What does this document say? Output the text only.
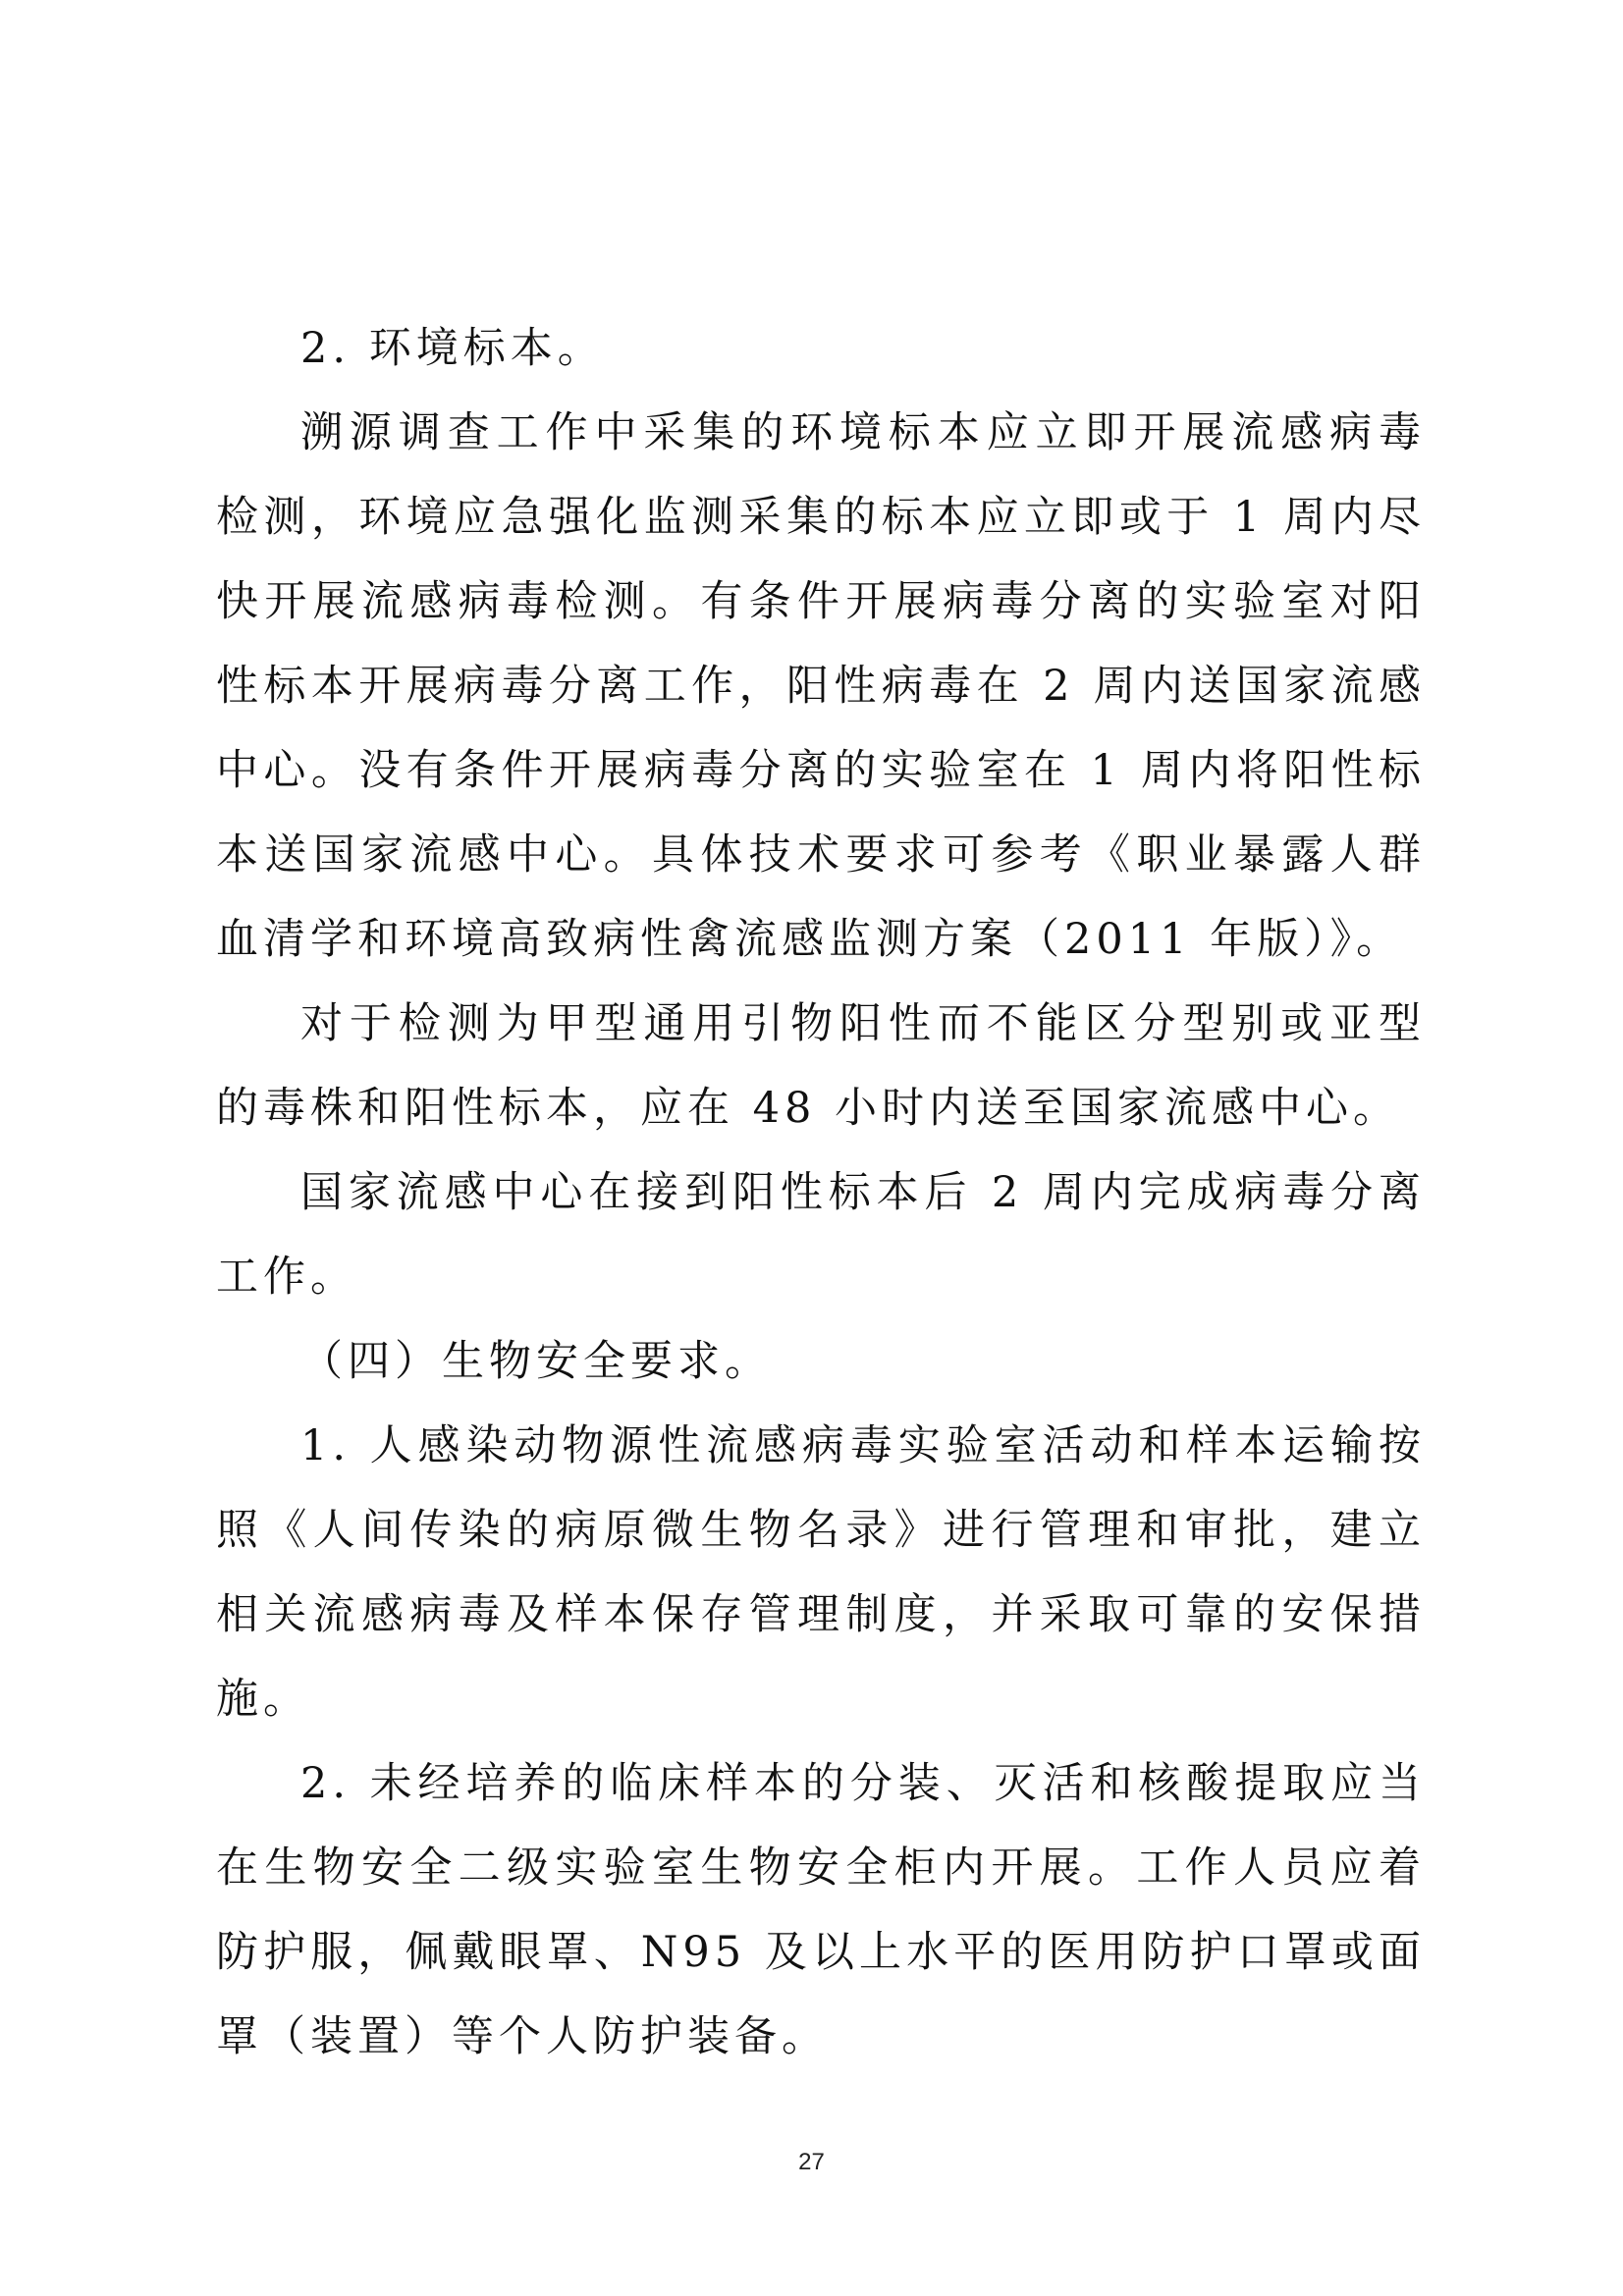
2. 环境标本。

溯源调查工作中采集的环境标本应立即开展流感病毒检测，环境应急强化监测采集的标本应立即或于 1 周内尽快开展流感病毒检测。有条件开展病毒分离的实验室对阳性标本开展病毒分离工作，阳性病毒在 2 周内送国家流感中心。没有条件开展病毒分离的实验室在 1 周内将阳性标本送国家流感中心。具体技术要求可参考《职业暴露人群血清学和环境高致病性禽流感监测方案（2011 年版）》。

对于检测为甲型通用引物阳性而不能区分型别或亚型的毒株和阳性标本，应在 48 小时内送至国家流感中心。

国家流感中心在接到阳性标本后 2 周内完成病毒分离工作。

（四）生物安全要求。

1. 人感染动物源性流感病毒实验室活动和样本运输按照《人间传染的病原微生物名录》进行管理和审批，建立相关流感病毒及样本保存管理制度，并采取可靠的安保措施。

2. 未经培养的临床样本的分装、灭活和核酸提取应当在生物安全二级实验室生物安全柜内开展。工作人员应着防护服，佩戴眼罩、N95 及以上水平的医用防护口罩或面罩（装置）等个人防护装备。

27
